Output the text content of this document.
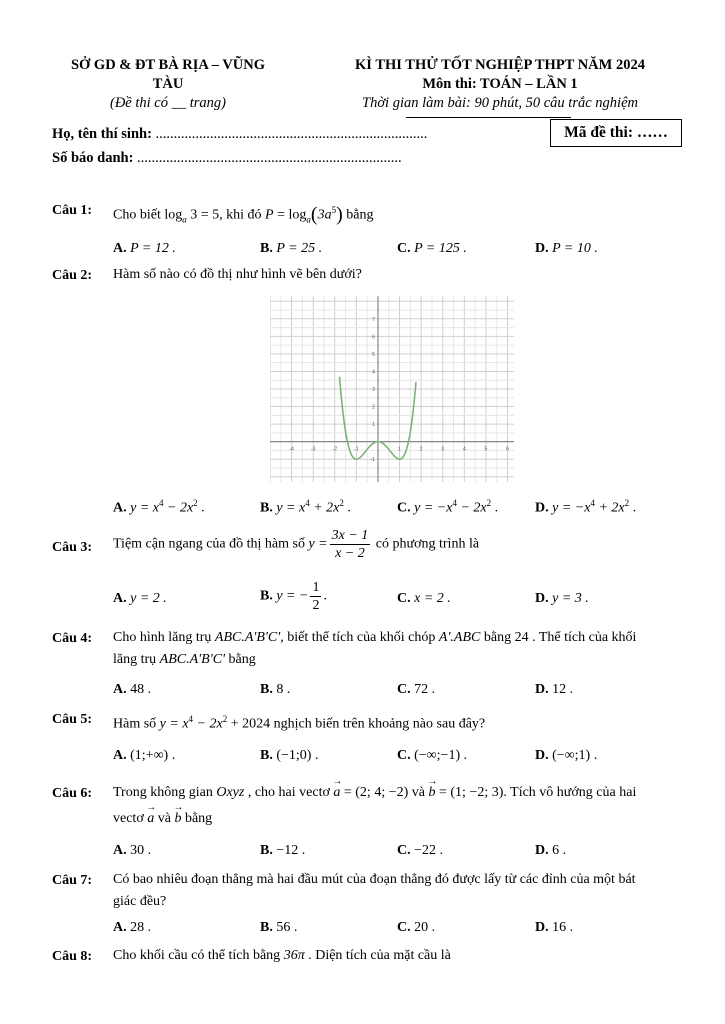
SỞ GD & ĐT BÀ RỊA – VŨNG
TÀU
(Đề thi có __ trang)
KÌ THI THỬ TỐT NGHIỆP THPT NĂM 2024
Môn thi: TOÁN – LẦN 1
Thời gian làm bài: 90 phút, 50 câu trắc nghiệm
Họ, tên thí sinh: ...........................................................................
Số báo danh: .........................................................................
Mã đề thi: ……
Câu 1: Cho biết $\log_a 3 = 5$, khi đó $P = \log_a(3a^5)$ bằng
A. P = 12 .	B. P = 25 .	C. P = 125 .	D. P = 10 .
Câu 2: Hàm số nào có đồ thị như hình vẽ bên dưới?
-4	-3	-2	-1	1	2	3	4	5	6
7
6
5
4
3
2
1
-1
A. $y = x^4 - 2x^2$ .	B. $y = x^4 + 2x^2$ .	C. $y = -x^4 - 2x^2$ .	D. $y = -x^4 + 2x^2$ .
Câu 3: Tiệm cận ngang của đồ thị hàm số $y = \frac{3x - 1}{x - 2}$ có phương trình là
A. y = 2 .	B. y = − $\frac{1}{2}$ .	C. x = 2 .	D. y = 3 .
Câu 4: Cho hình lăng trụ ABC.A'B'C', biết thể tích của khối chóp A'.ABC bằng 24 . Thể tích của khối
lăng trụ ABC.A'B'C' bằng
A. 48 .	B. 8 .	C. 72 .	D. 12 .
Câu 5: Hàm số $y = x^4 - 2x^2 + 2024$ nghịch biến trên khoảng nào sau đây?
A. (1;+∞) .	B. (−1;0) .	C. (−∞;−1) .	D. (−∞;1) .
Câu 6: Trong không gian Oxyz , cho hai vectơ a
→
= (2; 4; −2) và b
→
= (1; −2; 3). Tích vô hướng của hai
vectơ a
→
và b
→
bằng
A. 30 .	B. −12 .	C. −22 .	D. 6 .
Câu 7: Có bao nhiêu đoạn thẳng mà hai đầu mút của đoạn thẳng đó được lấy từ các đỉnh của một bát
giác đều?
A. 28 .	B. 56 .	C. 20 .	D. 16 .
Câu 8: Cho khối cầu có thể tích bằng 36π . Diện tích của mặt cầu là
